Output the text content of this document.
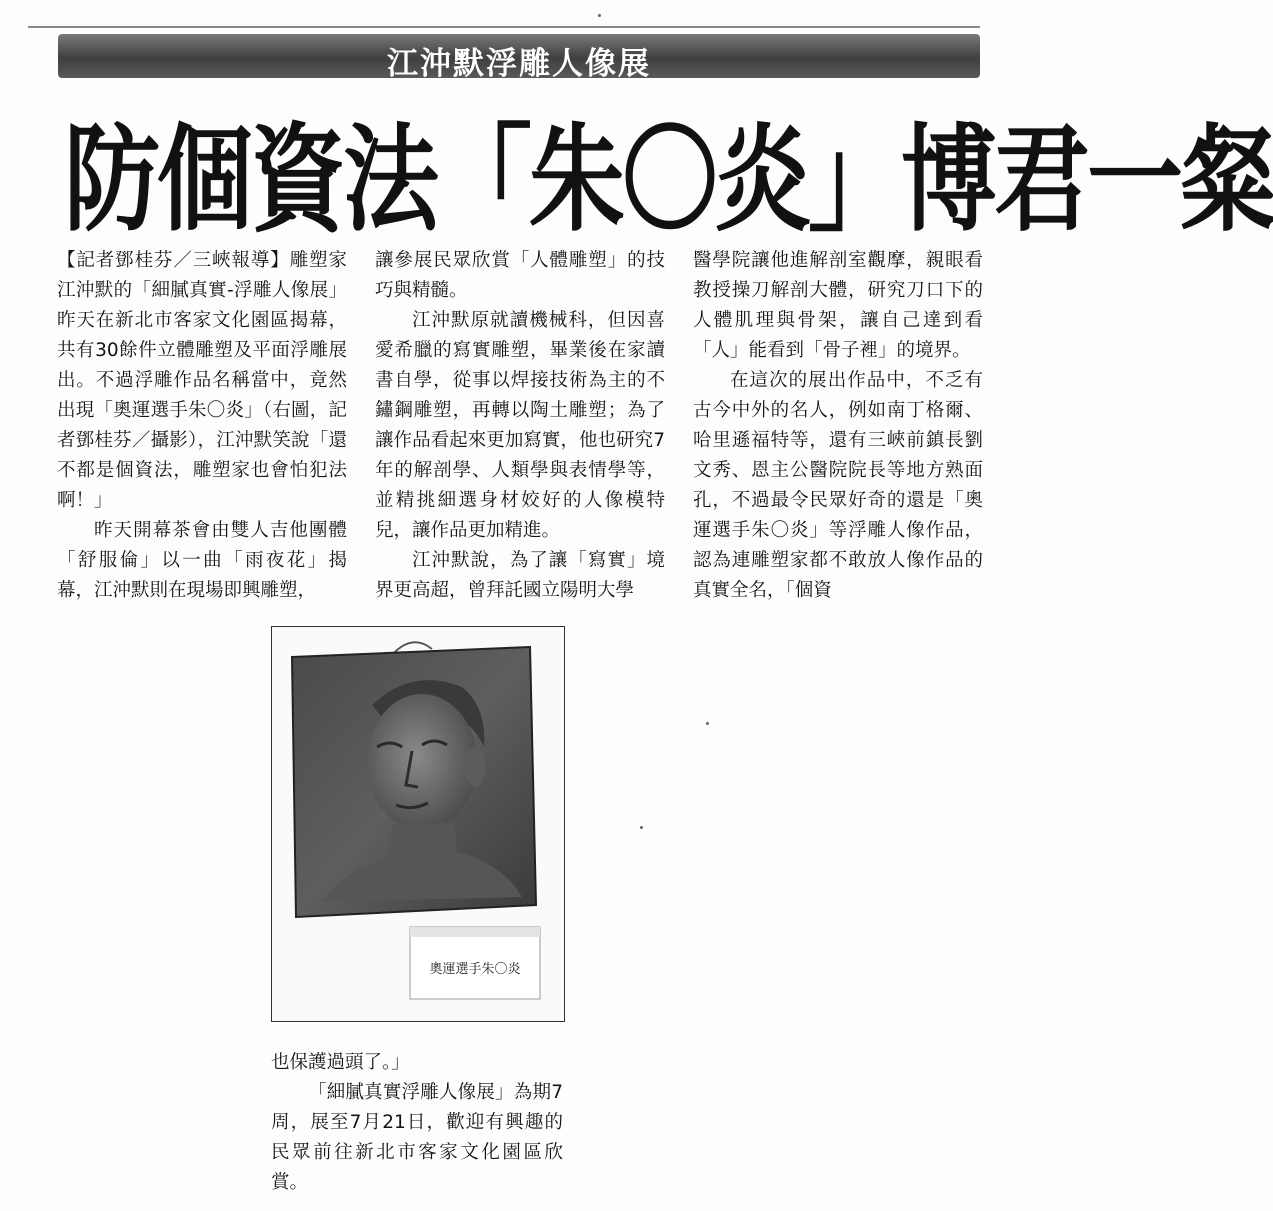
江沖默浮雕人像展
防個資法「朱〇炎」博君一粲

【記者鄧桂芬／三峽報導】雕塑家江沖默的「細膩真實-浮雕人像展」昨天在新北市客家文化園區揭幕，共有30餘件立體雕塑及平面浮雕展出。不過浮雕作品名稱當中，竟然出現「奧運選手朱〇炎」（右圖，記者鄧桂芬／攝影），江沖默笑說「還不都是個資法，雕塑家也會怕犯法啊！」

昨天開幕茶會由雙人吉他團體「舒服倫」以一曲「雨夜花」揭幕，江沖默則在現場即興雕塑，

讓參展民眾欣賞「人體雕塑」的技巧與精髓。

江沖默原就讀機械科，但因喜愛希臘的寫實雕塑，畢業後在家讀書自學，從事以焊接技術為主的不鏽鋼雕塑，再轉以陶土雕塑；為了讓作品看起來更加寫實，他也研究7年的解剖學、人類學與表情學等，並精挑細選身材姣好的人像模特兒，讓作品更加精進。

江沖默說，為了讓「寫實」境界更高超，曾拜託國立陽明大學

醫學院讓他進解剖室觀摩，親眼看教授操刀解剖大體，研究刀口下的人體肌理與骨架，讓自己達到看「人」能看到「骨子裡」的境界。

在這次的展出作品中，不乏有古今中外的名人，例如南丁格爾、哈里遜福特等，還有三峽前鎮長劉文秀、恩主公醫院院長等地方熟面孔，不過最令民眾好奇的還是「奧運選手朱〇炎」等浮雕人像作品，認為連雕塑家都不敢放人像作品的真實全名，「個資

奧運選手朱〇炎

也保護過頭了。」

「細膩真實浮雕人像展」為期7周，展至7月21日，歡迎有興趣的民眾前往新北市客家文化園區欣賞。
